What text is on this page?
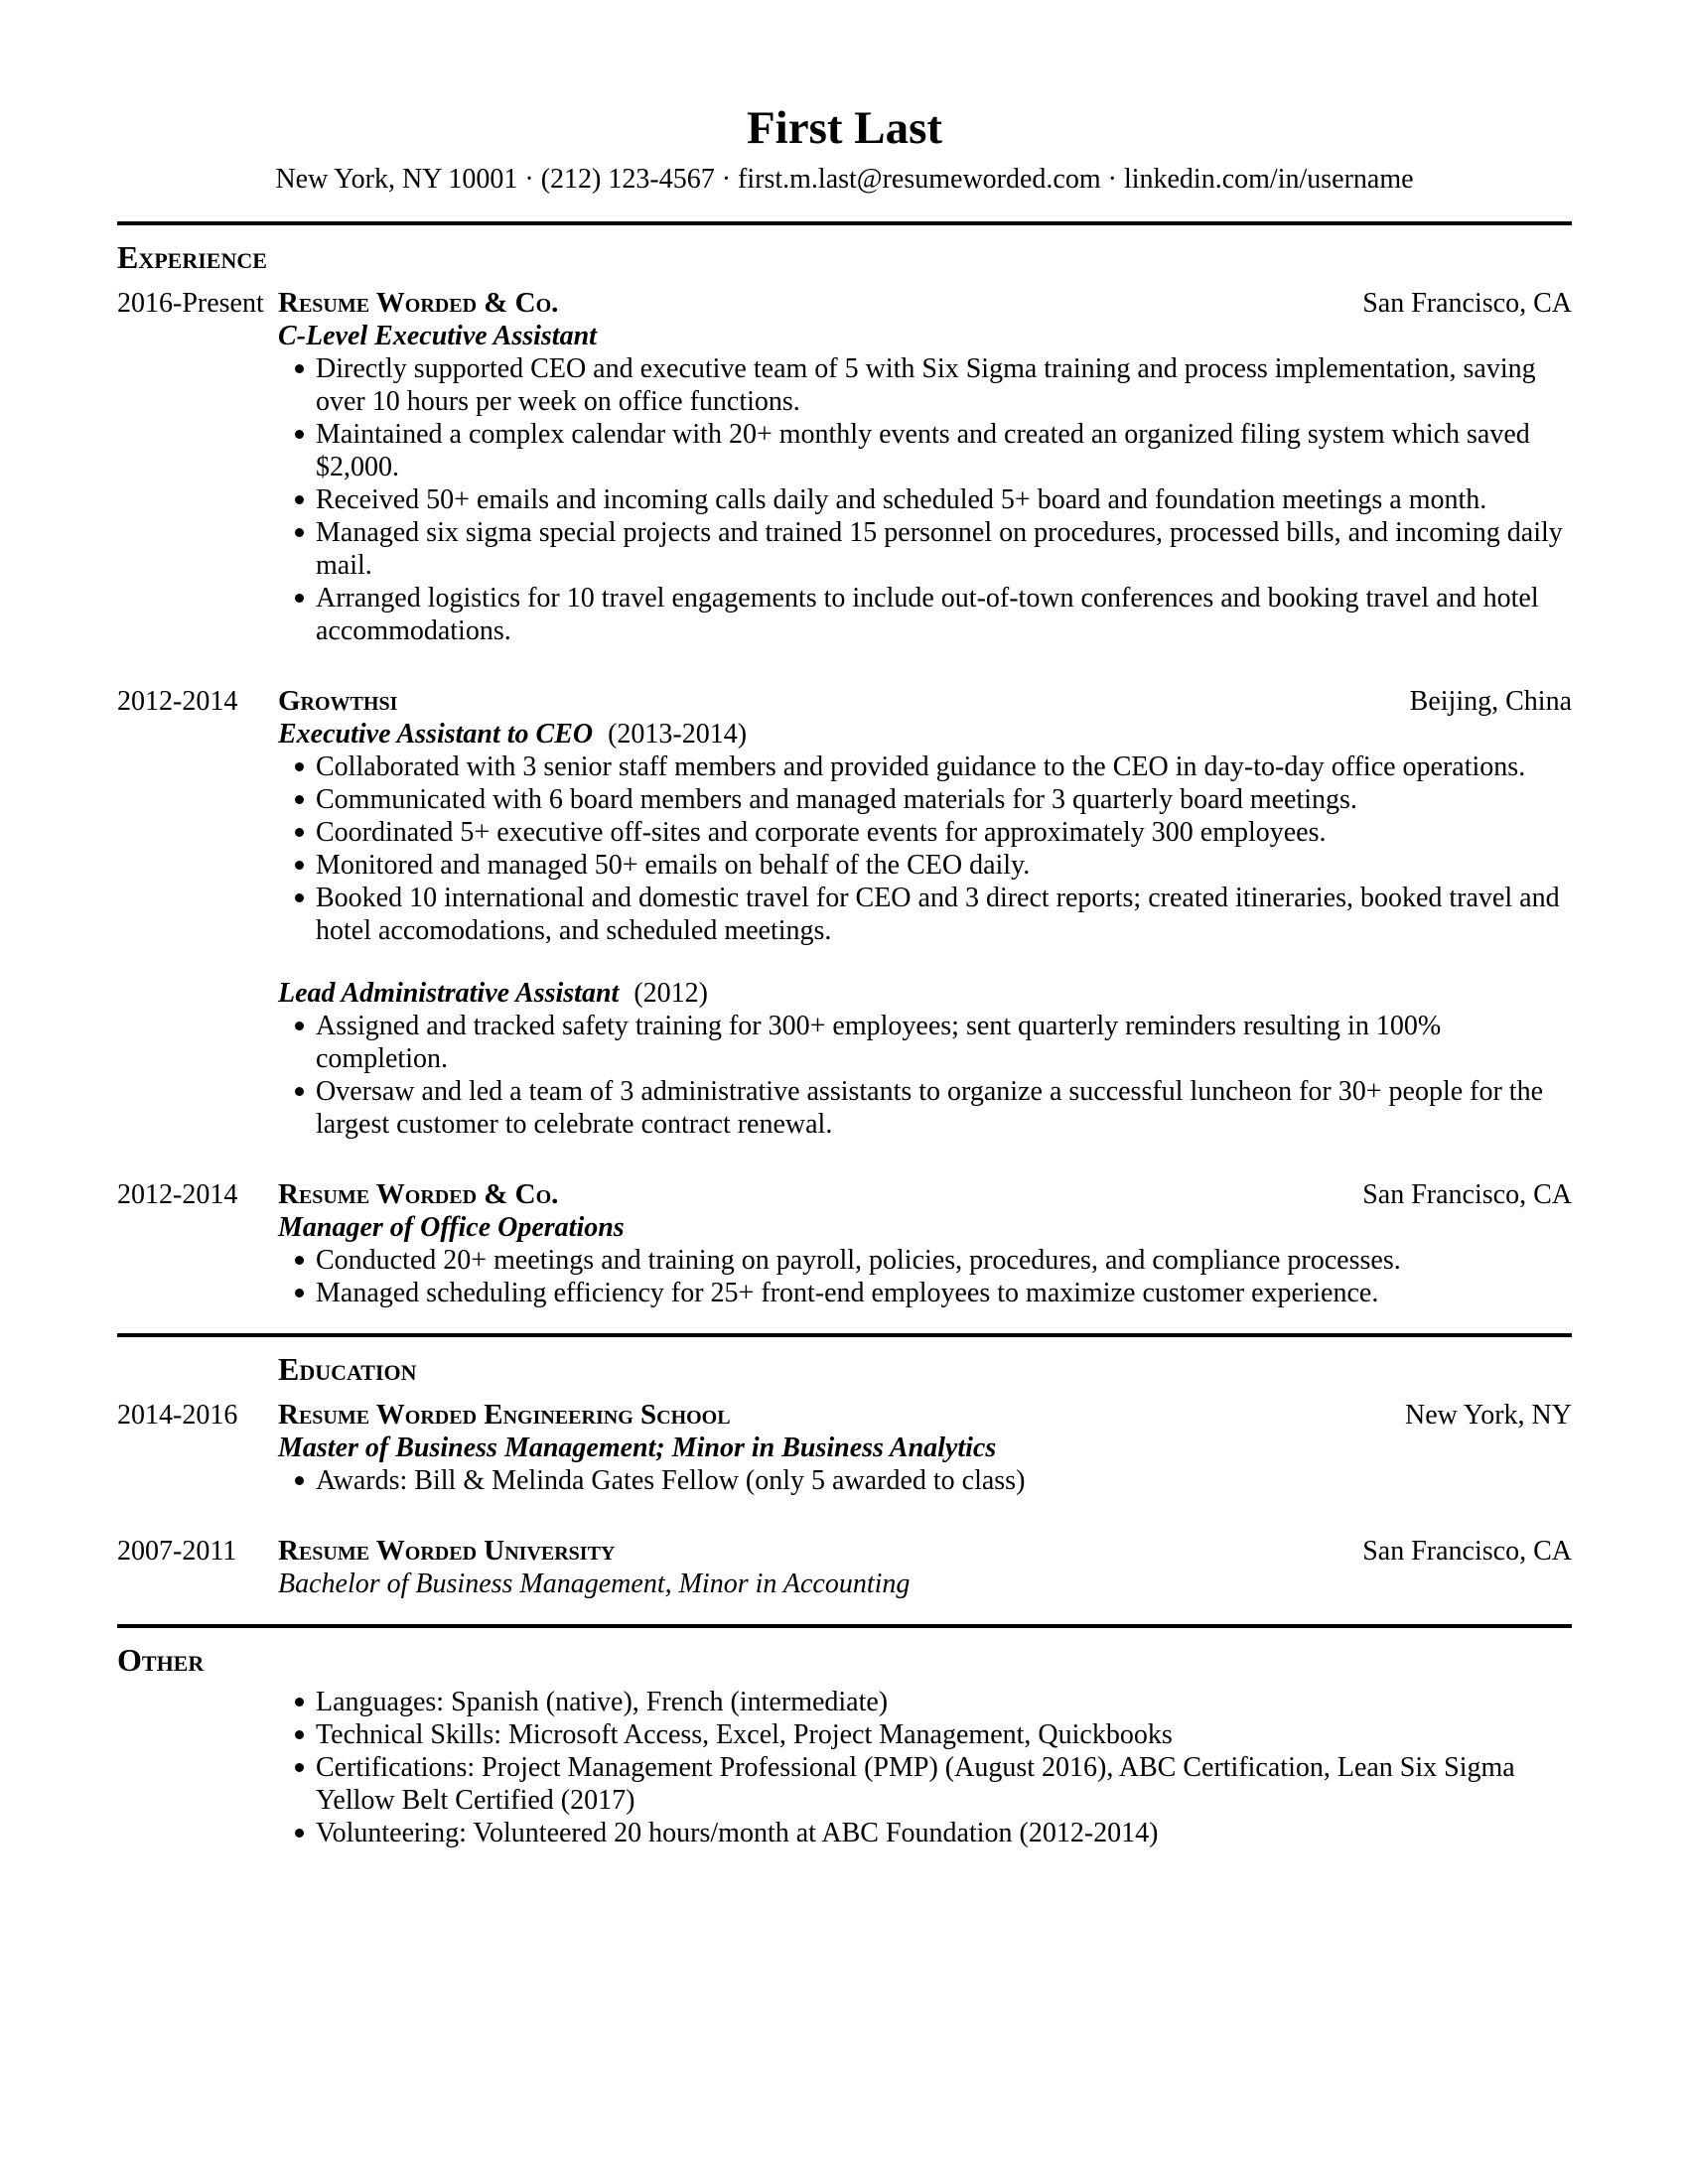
First Last
New York, NY 10001 · (212) 123-4567 · first.m.last@resumeworded.com · linkedin.com/in/username
Experience
2016-Present Resume Worded & Co.	San Francisco, CA
C-Level Executive Assistant
Directly supported CEO and executive team of 5 with Six Sigma training and process implementation, saving over 10 hours per week on office functions.
Maintained a complex calendar with 20+ monthly events and created an organized filing system which saved $2,000.
Received 50+ emails and incoming calls daily and scheduled 5+ board and foundation meetings a month.
Managed six sigma special projects and trained 15 personnel on procedures, processed bills, and incoming daily mail.
Arranged logistics for 10 travel engagements to include out-of-town conferences and booking travel and hotel accommodations.
2012-2014	Growthsi	Beijing, China
Executive Assistant to CEO (2013-2014)
Collaborated with 3 senior staff members and provided guidance to the CEO in day-to-day office operations.
Communicated with 6 board members and managed materials for 3 quarterly board meetings.
Coordinated 5+ executive off-sites and corporate events for approximately 300 employees.
Monitored and managed 50+ emails on behalf of the CEO daily.
Booked 10 international and domestic travel for CEO and 3 direct reports; created itineraries, booked travel and hotel accomodations, and scheduled meetings.
Lead Administrative Assistant (2012)
Assigned and tracked safety training for 300+ employees; sent quarterly reminders resulting in 100% completion.
Oversaw and led a team of 3 administrative assistants to organize a successful luncheon for 30+ people for the largest customer to celebrate contract renewal.
2012-2014	Resume Worded & Co.	San Francisco, CA
Manager of Office Operations
Conducted 20+ meetings and training on payroll, policies, procedures, and compliance processes.
Managed scheduling efficiency for 25+ front-end employees to maximize customer experience.
Education
2014-2016	Resume Worded Engineering School	New York, NY
Master of Business Management; Minor in Business Analytics
Awards: Bill & Melinda Gates Fellow (only 5 awarded to class)
2007-2011	Resume Worded University	San Francisco, CA
Bachelor of Business Management, Minor in Accounting
Other
Languages: Spanish (native), French (intermediate)
Technical Skills: Microsoft Access, Excel, Project Management, Quickbooks
Certifications: Project Management Professional (PMP) (August 2016), ABC Certification, Lean Six Sigma Yellow Belt Certified (2017)
Volunteering: Volunteered 20 hours/month at ABC Foundation (2012-2014)
